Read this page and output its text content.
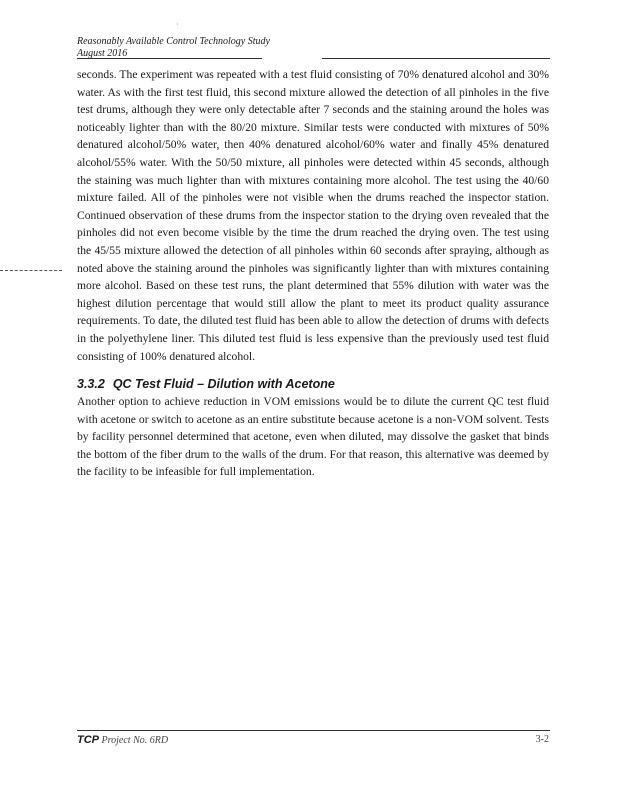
·
Reasonably Available Control Technology Study
August 2016

seconds. The experiment was repeated with a test fluid consisting of 70% denatured alcohol and 30% water. As with the first test fluid, this second mixture allowed the detection of all pinholes in the five test drums, although they were only detectable after 7 seconds and the staining around the holes was noticeably lighter than with the 80/20 mixture. Similar tests were conducted with mixtures of 50% denatured alcohol/50% water, then 40% denatured alcohol/60% water and finally 45% denatured alcohol/55% water. With the 50/50 mixture, all pinholes were detected within 45 seconds, although the staining was much lighter than with mixtures containing more alcohol. The test using the 40/60 mixture failed. All of the pinholes were not visible when the drums reached the inspector station. Continued observation of these drums from the inspector station to the drying oven revealed that the pinholes did not even become visible by the time the drum reached the drying oven. The test using the 45/55 mixture allowed the detection of all pinholes within 60 seconds after spraying, although as noted above the staining around the pinholes was significantly lighter than with mixtures containing more alcohol. Based on these test runs, the plant determined that 55% dilution with water was the highest dilution percentage that would still allow the plant to meet its product quality assurance requirements. To date, the diluted test fluid has been able to allow the detection of drums with defects in the polyethylene liner. This diluted test fluid is less expensive than the previously used test fluid consisting of 100% denatured alcohol.

3.3.2 QC Test Fluid – Dilution with Acetone

Another option to achieve reduction in VOM emissions would be to dilute the current QC test fluid with acetone or switch to acetone as an entire substitute because acetone is a non-VOM solvent. Tests by facility personnel determined that acetone, even when diluted, may dissolve the gasket that binds the bottom of the fiber drum to the walls of the drum. For that reason, this alternative was deemed by the facility to be infeasible for full implementation.

TCP Project No. 6RD	3-2
